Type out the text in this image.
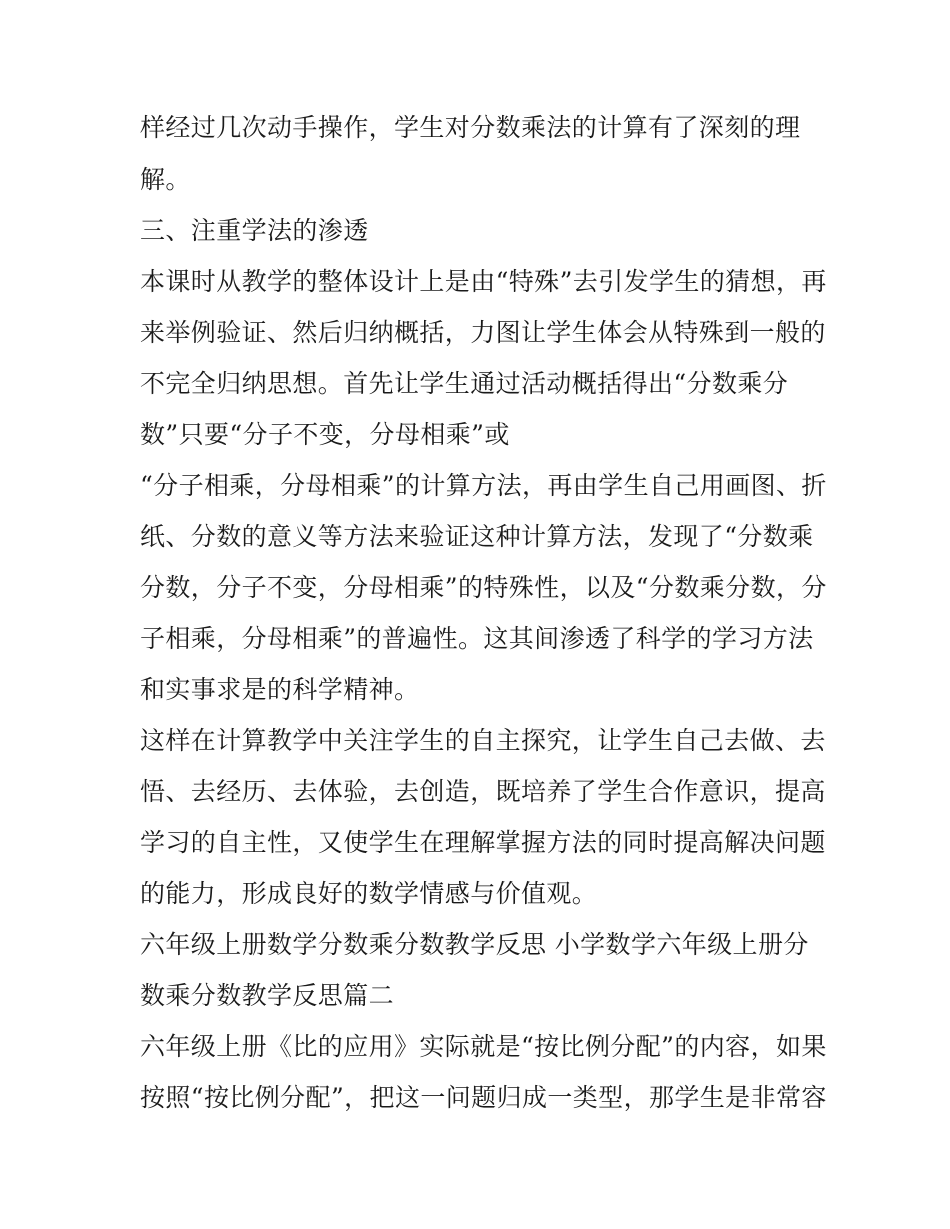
样经过几次动手操作，学生对分数乘法的计算有了深刻的理
解。
三、注重学法的渗透
本课时从教学的整体设计上是由“特殊”去引发学生的猜想，再
来举例验证、然后归纳概括，力图让学生体会从特殊到一般的
不完全归纳思想。首先让学生通过活动概括得出“分数乘分
数”只要“分子不变，分母相乘”或
“分子相乘，分母相乘”的计算方法，再由学生自己用画图、折
纸、分数的意义等方法来验证这种计算方法，发现了“分数乘
分数，分子不变，分母相乘”的特殊性，以及“分数乘分数，分
子相乘，分母相乘”的普遍性。这其间渗透了科学的学习方法
和实事求是的科学精神。
这样在计算教学中关注学生的自主探究，让学生自己去做、去
悟、去经历、去体验，去创造，既培养了学生合作意识，提高
学习的自主性，又使学生在理解掌握方法的同时提高解决问题
的能力，形成良好的数学情感与价值观。
六年级上册数学分数乘分数教学反思 小学数学六年级上册分
数乘分数教学反思篇二
六年级上册《比的应用》实际就是“按比例分配”的内容，如果
按照“按比例分配”，把这一问题归成一类型，那学生是非常容
